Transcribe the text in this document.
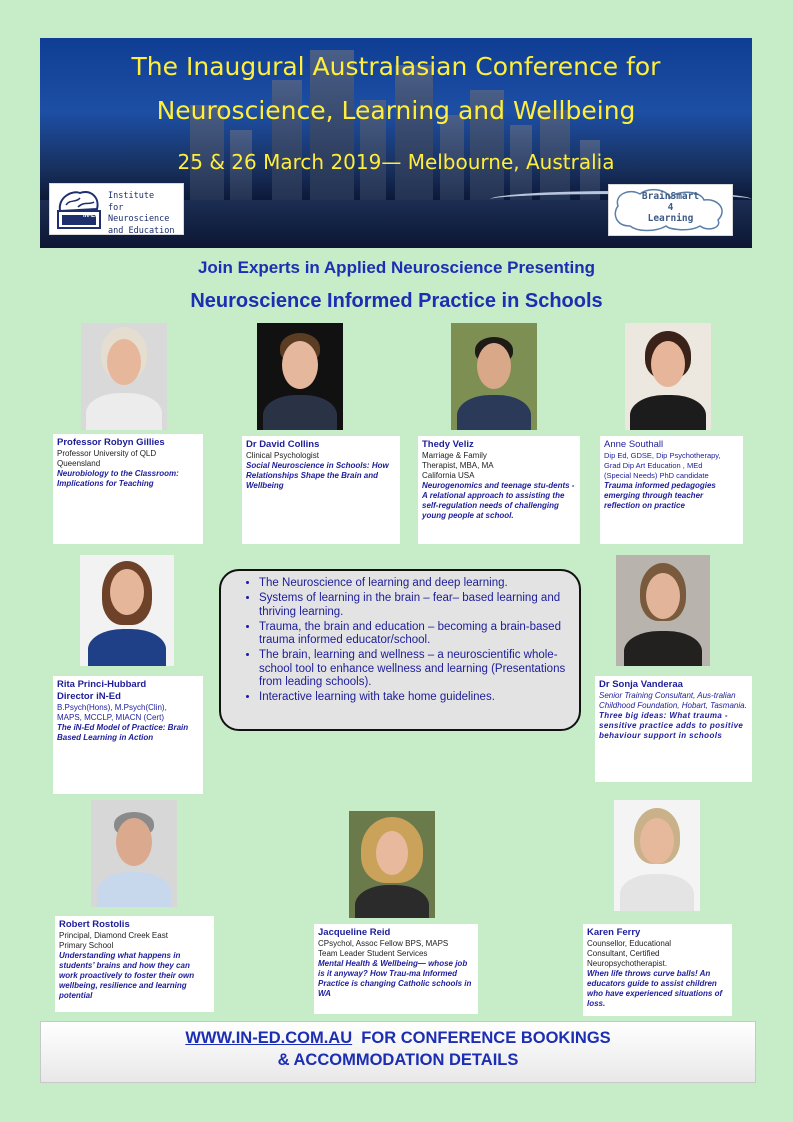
The Inaugural Australasian Conference for
Neuroscience, Learning and Wellbeing
25 & 26 March 2019— Melbourne, Australia
IN-Ed
Institute
for Neuroscience
and Education
BrainSmart
4
Learning
Join Experts in Applied Neuroscience Presenting
Neuroscience Informed Practice in Schools
Professor Robyn Gillies
Professor University of QLD
Queensland
Neurobiology to the Classroom: Implications for Teaching
Dr David Collins
Clinical Psychologist
Social Neuroscience in Schools: How Relationships Shape the Brain and Wellbeing
Thedy Veliz
Marriage & Family
Therapist, MBA, MA
California USA
Neurogenomics and teenage stu-dents - A relational approach to assisting the self-regulation needs of challenging young people at school.
Anne Southall
Dip Ed, GDSE, Dip Psychotherapy,
Grad Dip Art Education , MEd
(Special Needs) PhD candidate
Trauma informed pedagogies emerging through teacher reflection on practice
Rita Princi-Hubbard
Director iN-Ed
B.Psych(Hons), M.Psych(Clin),
MAPS, MCCLP, MIACN (Cert)
The iN-Ed Model of Practice: Brain Based Learning in Action
Dr Sonja Vanderaa
Senior Training Consultant, Aus-tralian Childhood Foundation, Hobart, Tasmania.
Three big ideas: What trauma -sensitive practice adds to positive behaviour support in schools
Robert Rostolis
Principal, Diamond Creek East
Primary School
Understanding what happens in students’ brains and how they can work proactively to foster their own wellbeing, resilience and learning potential
Jacqueline Reid
CPsychol, Assoc Fellow BPS, MAPS
Team Leader Student Services
Mental Health & Wellbeing— whose job is it anyway? How Trau-ma Informed Practice is changing Catholic schools in WA
Karen Ferry
Counsellor, Educational
Consultant, Certified
Neuropsychotherapist.
When life throws curve balls! An educators guide to assist children who have experienced situations of loss.
• The Neuroscience of learning and deep learning.
• Systems of learning in the brain – fear– based learning and thriving learning.
• Trauma, the brain and education – becoming a brain-based trauma informed educator/school.
• The brain, learning and wellness – a neuroscientific whole-school tool to enhance wellness and learning (Presentations from leading schools).
• Interactive learning with take home guidelines.
WWW.IN-ED.COM.AU  FOR CONFERENCE BOOKINGS
& ACCOMMODATION DETAILS
